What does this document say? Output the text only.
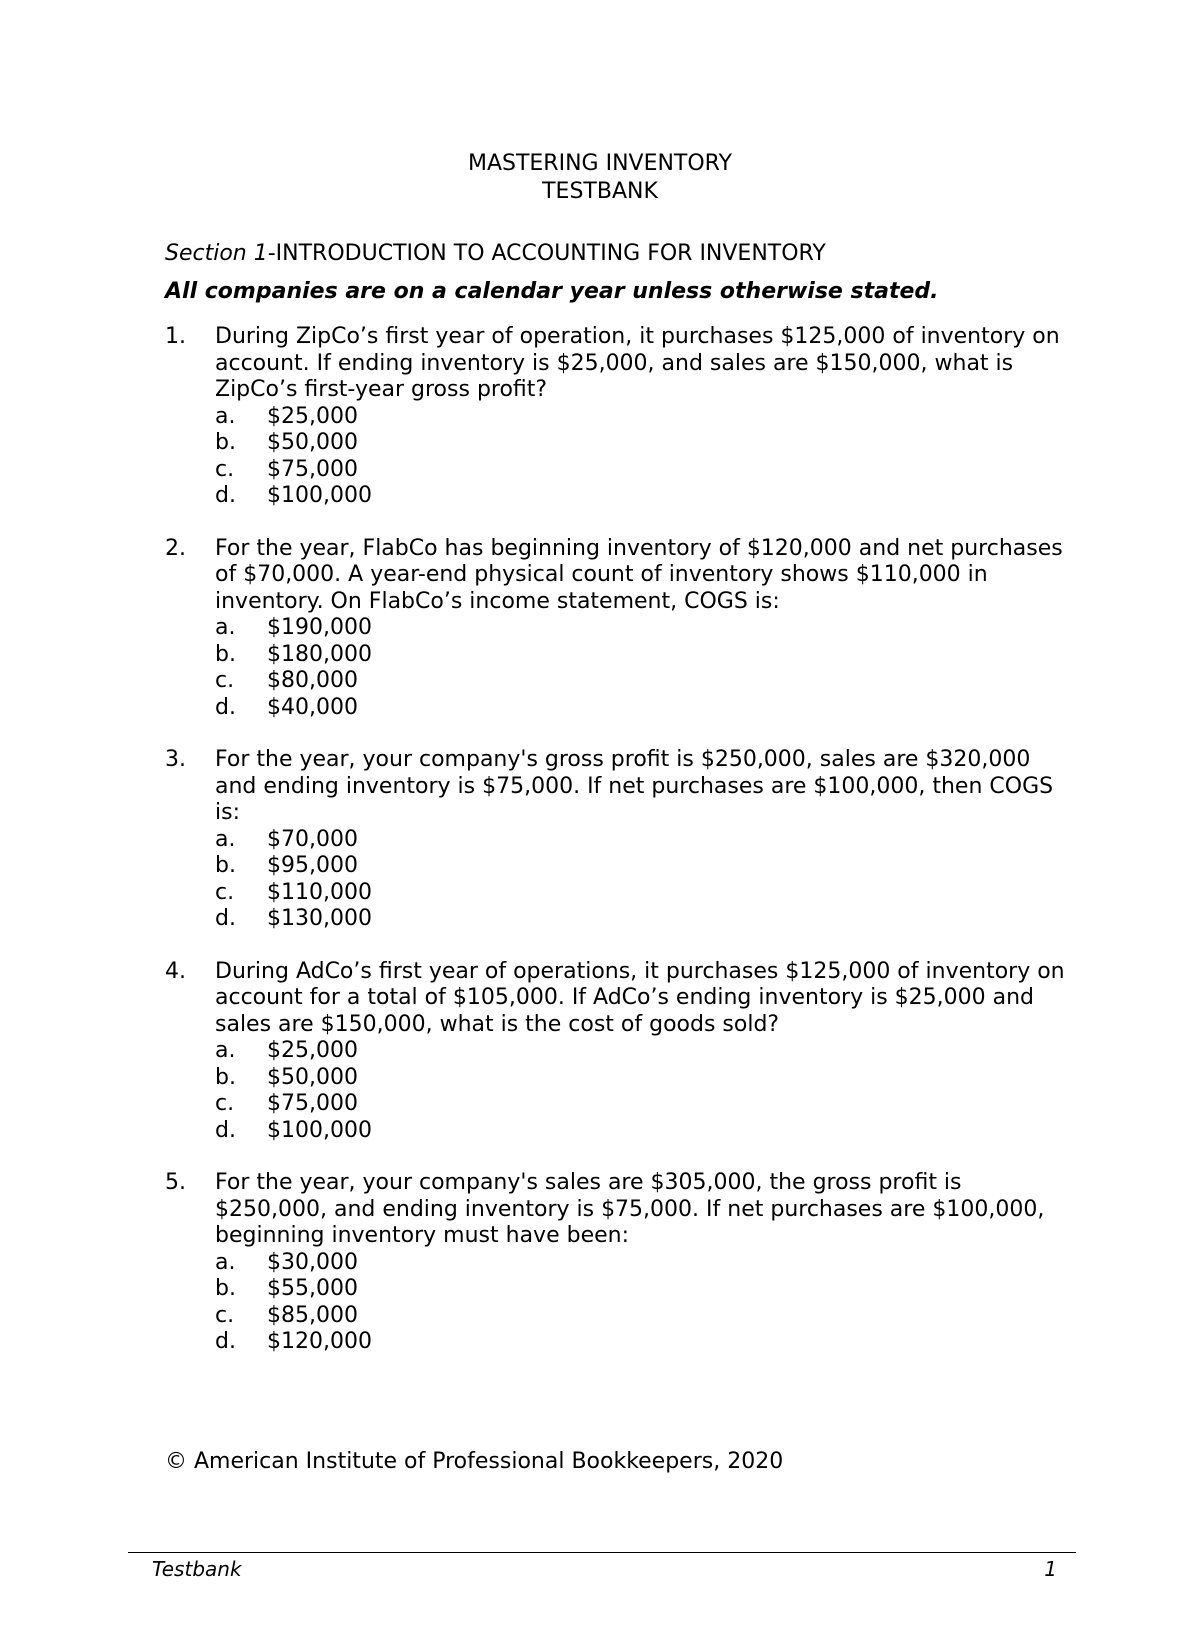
MASTERING INVENTORY
TESTBANK

Section 1-INTRODUCTION TO ACCOUNTING FOR INVENTORY

All companies are on a calendar year unless otherwise stated.

1. During ZipCo’s first year of operation, it purchases $125,000 of inventory on account. If ending inventory is $25,000, and sales are $150,000, what is ZipCo’s first-year gross profit?
a. $25,000
b. $50,000
c. $75,000
d. $100,000
2. For the year, FlabCo has beginning inventory of $120,000 and net purchases of $70,000. A year-end physical count of inventory shows $110,000 in inventory. On FlabCo’s income statement, COGS is:
a. $190,000
b. $180,000
c. $80,000
d. $40,000
3. For the year, your company's gross profit is $250,000, sales are $320,000 and ending inventory is $75,000. If net purchases are $100,000, then COGS is:
a. $70,000
b. $95,000
c. $110,000
d. $130,000
4. During AdCo’s first year of operations, it purchases $125,000 of inventory on account for a total of $105,000. If AdCo’s ending inventory is $25,000 and sales are $150,000, what is the cost of goods sold?
a. $25,000
b. $50,000
c. $75,000
d. $100,000
5. For the year, your company's sales are $305,000, the gross profit is $250,000, and ending inventory is $75,000. If net purchases are $100,000, beginning inventory must have been:
a. $30,000
b. $55,000
c. $85,000
d. $120,000
© American Institute of Professional Bookkeepers, 2020
Testbank	1
